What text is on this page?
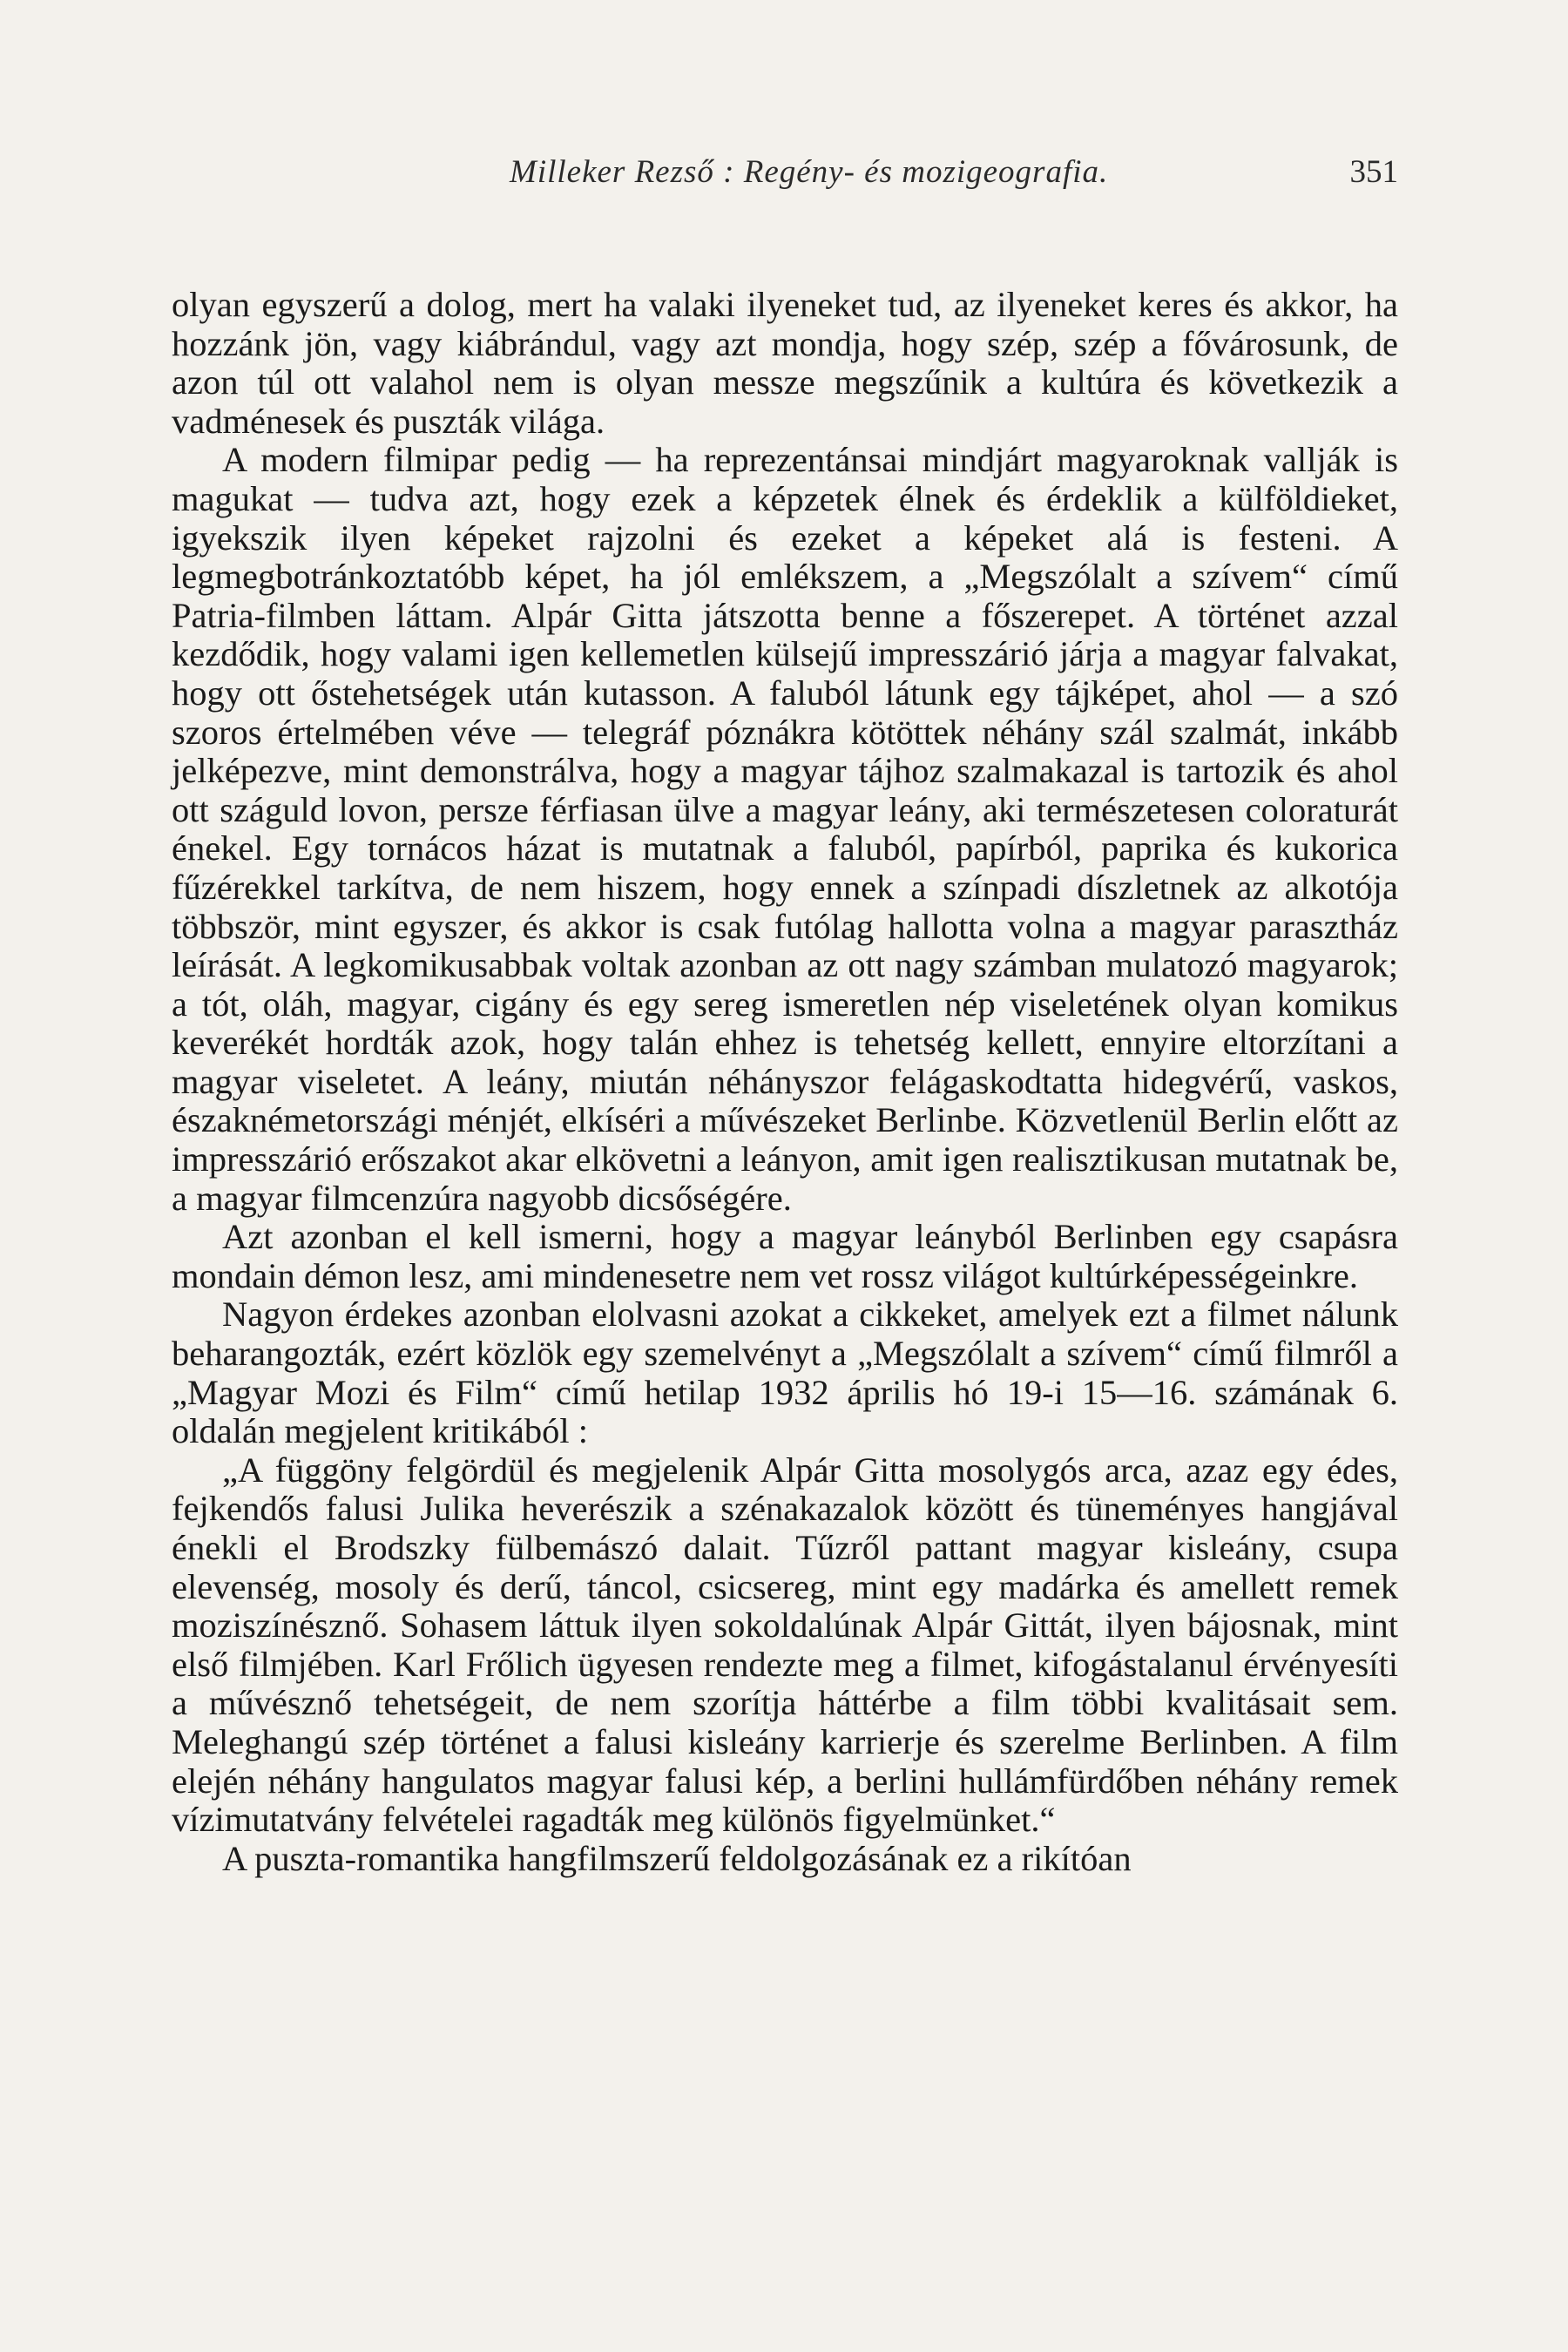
Milleker Rezső : Regény- és mozigeografia.	351

olyan egyszerű a dolog, mert ha valaki ilyeneket tud, az ilyeneket keres és akkor, ha hozzánk jön, vagy kiábrándul, vagy azt mondja, hogy szép, szép a fővárosunk, de azon túl ott valahol nem is olyan messze megszűnik a kultúra és következik a vadménesek és puszták világa.

A modern filmipar pedig — ha reprezentánsai mindjárt magyaroknak vallják is magukat — tudva azt, hogy ezek a képzetek élnek és érdeklik a külföldieket, igyekszik ilyen képeket rajzolni és ezeket a képeket alá is festeni. A legmegbotránkoztatóbb képet, ha jól emlékszem, a „Megszólalt a szívem“ című Patria-filmben láttam. Alpár Gitta játszotta benne a főszerepet. A történet azzal kezdődik, hogy valami igen kellemetlen külsejű impresszárió járja a magyar falvakat, hogy ott őstehetségek után kutasson. A faluból látunk egy tájképet, ahol — a szó szoros értelmében véve — telegráf póznákra kötöttek néhány szál szalmát, inkább jelképezve, mint demonstrálva, hogy a magyar tájhoz szalmakazal is tartozik és ahol ott száguld lovon, persze férfiasan ülve a magyar leány, aki természetesen coloraturát énekel. Egy tornácos házat is mutatnak a faluból, papírból, paprika és kukorica fűzérekkel tarkítva, de nem hiszem, hogy ennek a színpadi díszletnek az alkotója többször, mint egyszer, és akkor is csak futólag hallotta volna a magyar parasztház leírását. A legkomikusabbak voltak azonban az ott nagy számban mulatozó magyarok; a tót, oláh, magyar, cigány és egy sereg ismeretlen nép viseletének olyan komikus keverékét hordták azok, hogy talán ehhez is tehetség kellett, ennyire eltorzítani a magyar viseletet. A leány, miután néhányszor felágaskodtatta hidegvérű, vaskos, északnémetországi ménjét, elkíséri a művészeket Berlinbe. Közvetlenül Berlin előtt az impresszárió erőszakot akar elkövetni a leányon, amit igen realisztikusan mutatnak be, a magyar filmcenzúra nagyobb dicsőségére.

Azt azonban el kell ismerni, hogy a magyar leányból Berlinben egy csapásra mondain démon lesz, ami mindenesetre nem vet rossz világot kultúrképességeinkre.

Nagyon érdekes azonban elolvasni azokat a cikkeket, amelyek ezt a filmet nálunk beharangozták, ezért közlök egy szemelvényt a „Megszólalt a szívem“ című filmről a „Magyar Mozi és Film“ című hetilap 1932 április hó 19-i 15—16. számának 6. oldalán megjelent kritikából :

„A függöny felgördül és megjelenik Alpár Gitta mosolygós arca, azaz egy édes, fejkendős falusi Julika heverészik a szénakazalok között és tüneményes hangjával énekli el Brodszky fülbemászó dalait. Tűzről pattant magyar kisleány, csupa elevenség, mosoly és derű, táncol, csicsereg, mint egy madárka és amellett remek moziszínésznő. Sohasem láttuk ilyen sokoldalúnak Alpár Gittát, ilyen bájosnak, mint első filmjében. Karl Frőlich ügyesen rendezte meg a filmet, kifogástalanul érvényesíti a művésznő tehetségeit, de nem szorítja háttérbe a film többi kvalitásait sem. Meleghangú szép történet a falusi kisleány karrierje és szerelme Berlinben. A film elején néhány hangulatos magyar falusi kép, a berlini hullámfürdőben néhány remek vízimutatvány felvételei ragadták meg különös figyelmünket.“

A puszta-romantika hangfilmszerű feldolgozásának ez a rikítóan
